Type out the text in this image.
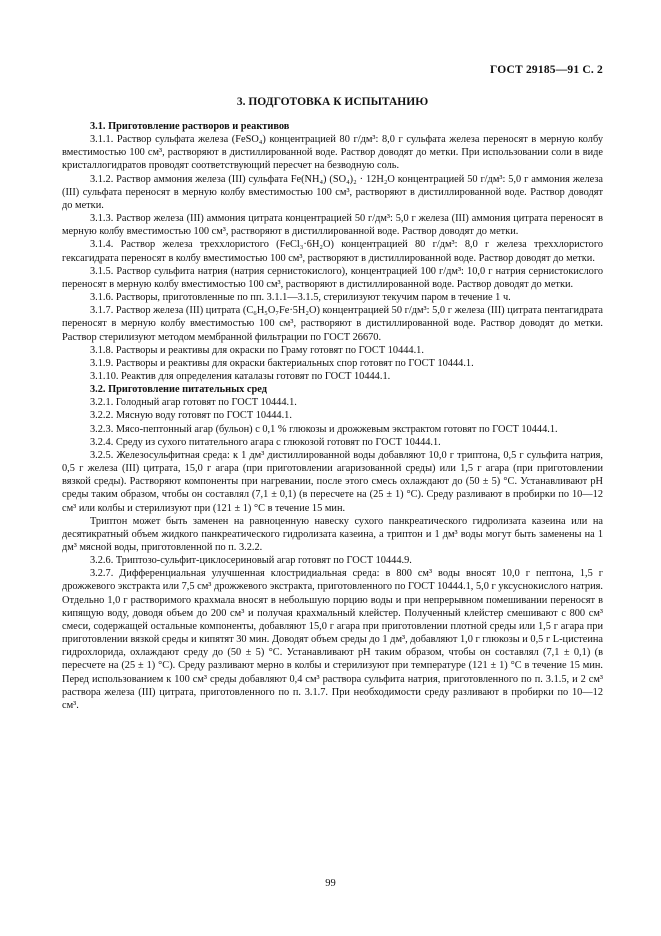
ГОСТ 29185—91 С. 2
3. ПОДГОТОВКА К ИСПЫТАНИЮ

3.1. Приготовление растворов и реактивов

3.1.1. Раствор сульфата железа (FeSO₄) концентрацией 80 г/дм³: 8,0 г сульфата железа переносят в мерную колбу вместимостью 100 см³, растворяют в дистиллированной воде. Раствор доводят до метки. При использовании соли в виде кристаллогидратов проводят соответствующий пересчет на безводную соль.

3.1.2. Раствор аммония железа (III) сульфата Fe(NH₄) (SO₄)₂ · 12H₂O концентрацией 50 г/дм³: 5,0 г аммония железа (III) сульфата переносят в мерную колбу вместимостью 100 см³, растворяют в дистиллированной воде. Раствор доводят до метки.

3.1.3. Раствор железа (III) аммония цитрата концентрацией 50 г/дм³: 5,0 г железа (III) аммония цитрата переносят в мерную колбу вместимостью 100 см³, растворяют в дистиллированной воде. Раствор доводят до метки.

3.1.4. Раствор железа треххлористого (FeCl₃·6H₂O) концентрацией 80 г/дм³: 8,0 г железа треххлористого гексагидрата переносят в колбу вместимостью 100 см³, растворяют в дистиллированной воде. Раствор доводят до метки.

3.1.5. Раствор сульфита натрия (натрия сернистокислого), концентрацией 100 г/дм³: 10,0 г натрия сернистокислого переносят в мерную колбу вместимостью 100 см³, растворяют в дистиллированной воде. Раствор доводят до метки.

3.1.6. Растворы, приготовленные по пп. 3.1.1—3.1.5, стерилизуют текучим паром в течение 1 ч.

3.1.7. Раствор железа (III) цитрата (C₆H₅O₇Fe·5H₂O) концентрацией 50 г/дм³: 5,0 г железа (III) цитрата пентагидрата переносят в мерную колбу вместимостью 100 см³, растворяют в дистиллированной воде. Раствор доводят до метки. Раствор стерилизуют методом мембранной фильтрации по ГОСТ 26670.

3.1.8. Растворы и реактивы для окраски по Граму готовят по ГОСТ 10444.1.

3.1.9. Растворы и реактивы для окраски бактериальных спор готовят по ГОСТ 10444.1.

3.1.10. Реактив для определения каталазы готовят по ГОСТ 10444.1.

3.2. Приготовление питательных сред

3.2.1. Голодный агар готовят по ГОСТ 10444.1.

3.2.2. Мясную воду готовят по ГОСТ 10444.1.

3.2.3. Мясо-пептонный агар (бульон) с 0,1 % глюкозы и дрожжевым экстрактом готовят по ГОСТ 10444.1.

3.2.4. Среду из сухого питательного агара с глюкозой готовят по ГОСТ 10444.1.

3.2.5. Железосульфитная среда: к 1 дм³ дистиллированной воды добавляют 10,0 г триптона, 0,5 г сульфита натрия, 0,5 г железа (III) цитрата, 15,0 г агара (при приготовлении агаризованной среды) или 1,5 г агара (при приготовлении вязкой среды). Растворяют компоненты при нагревании, после этого смесь охлаждают до (50 ± 5) °С. Устанавливают pH среды таким образом, чтобы он составлял (7,1 ± 0,1) (в пересчете на (25 ± 1) °С). Среду разливают в пробирки по 10—12 см³ или колбы и стерилизуют при (121 ± 1) °С в течение 15 мин.

Триптон может быть заменен на равноценную навеску сухого панкреатического гидролизата казеина или на десятикратный объем жидкого панкреатического гидролизата казеина, а триптон и 1 дм³ воды могут быть заменены на 1 дм³ мясной воды, приготовленной по п. 3.2.2.

3.2.6. Триптозо-сульфит-циклосериновый агар готовят по ГОСТ 10444.9.

3.2.7. Дифференциальная улучшенная клостридиальная среда: в 800 см³ воды вносят 10,0 г пептона, 1,5 г дрожжевого экстракта или 7,5 см³ дрожжевого экстракта, приготовленного по ГОСТ 10444.1, 5,0 г уксуснокислого натрия. Отдельно 1,0 г растворимого крахмала вносят в небольшую порцию воды и при непрерывном помешивании переносят в кипящую воду, доводя объем до 200 см³ и получая крахмальный клейстер. Полученный клейстер смешивают с 800 см³ смеси, содержащей остальные компоненты, добавляют 15,0 г агара при приготовлении плотной среды или 1,5 г агара при приготовлении вязкой среды и кипятят 30 мин. Доводят объем среды до 1 дм³, добавляют 1,0 г глюкозы и 0,5 г L-цистеина гидрохлорида, охлаждают среду до (50 ± 5) °С. Устанавливают pH таким образом, чтобы он составлял (7,1 ± 0,1) (в пересчете на (25 ± 1) °С). Среду разливают мерно в колбы и стерилизуют при температуре (121 ± 1) °С в течение 15 мин. Перед использованием к 100 см³ среды добавляют 0,4 см³ раствора сульфита натрия, приготовленного по п. 3.1.5, и 2 см³ раствора железа (III) цитрата, приготовленного по п. 3.1.7. При необходимости среду разливают в пробирки по 10—12 см³.

99
